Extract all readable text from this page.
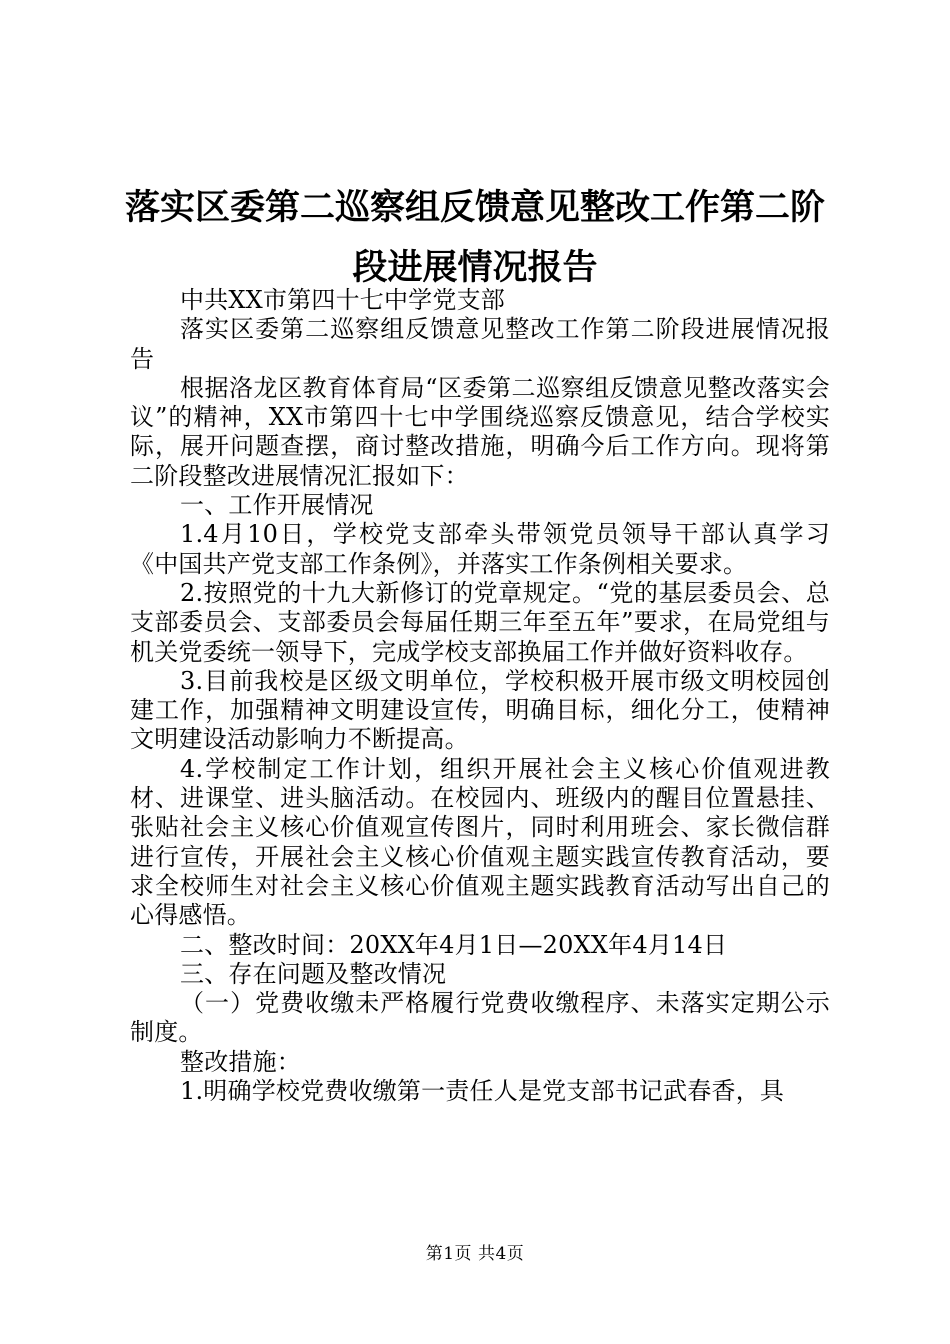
落实区委第二巡察组反馈意见整改工作第二阶
段进展情况报告

中共XX市第四十七中学党支部

落实区委第二巡察组反馈意见整改工作第二阶段进展情况报告

根据洛龙区教育体育局“区委第二巡察组反馈意见整改落实会议”的精神，XX市第四十七中学围绕巡察反馈意见，结合学校实际，展开问题查摆，商讨整改措施，明确今后工作方向。现将第二阶段整改进展情况汇报如下：

一、工作开展情况

1.4月10日，学校党支部牵头带领党员领导干部认真学习《中国共产党支部工作条例》，并落实工作条例相关要求。

2.按照党的十九大新修订的党章规定。“党的基层委员会、总支部委员会、支部委员会每届任期三年至五年”要求，在局党组与机关党委统一领导下，完成学校支部换届工作并做好资料收存。

3.目前我校是区级文明单位，学校积极开展市级文明校园创建工作，加强精神文明建设宣传，明确目标，细化分工，使精神文明建设活动影响力不断提高。

4.学校制定工作计划，组织开展社会主义核心价值观进教材、进课堂、进头脑活动。在校园内、班级内的醒目位置悬挂、张贴社会主义核心价值观宣传图片，同时利用班会、家长微信群进行宣传，开展社会主义核心价值观主题实践宣传教育活动，要求全校师生对社会主义核心价值观主题实践教育活动写出自己的心得感悟。

二、整改时间：20XX年4月1日—20XX年4月14日

三、存在问题及整改情况

（一）党费收缴未严格履行党费收缴程序、未落实定期公示制度。

整改措施：

1.明确学校党费收缴第一责任人是党支部书记武春香，具

第1页 共4页
